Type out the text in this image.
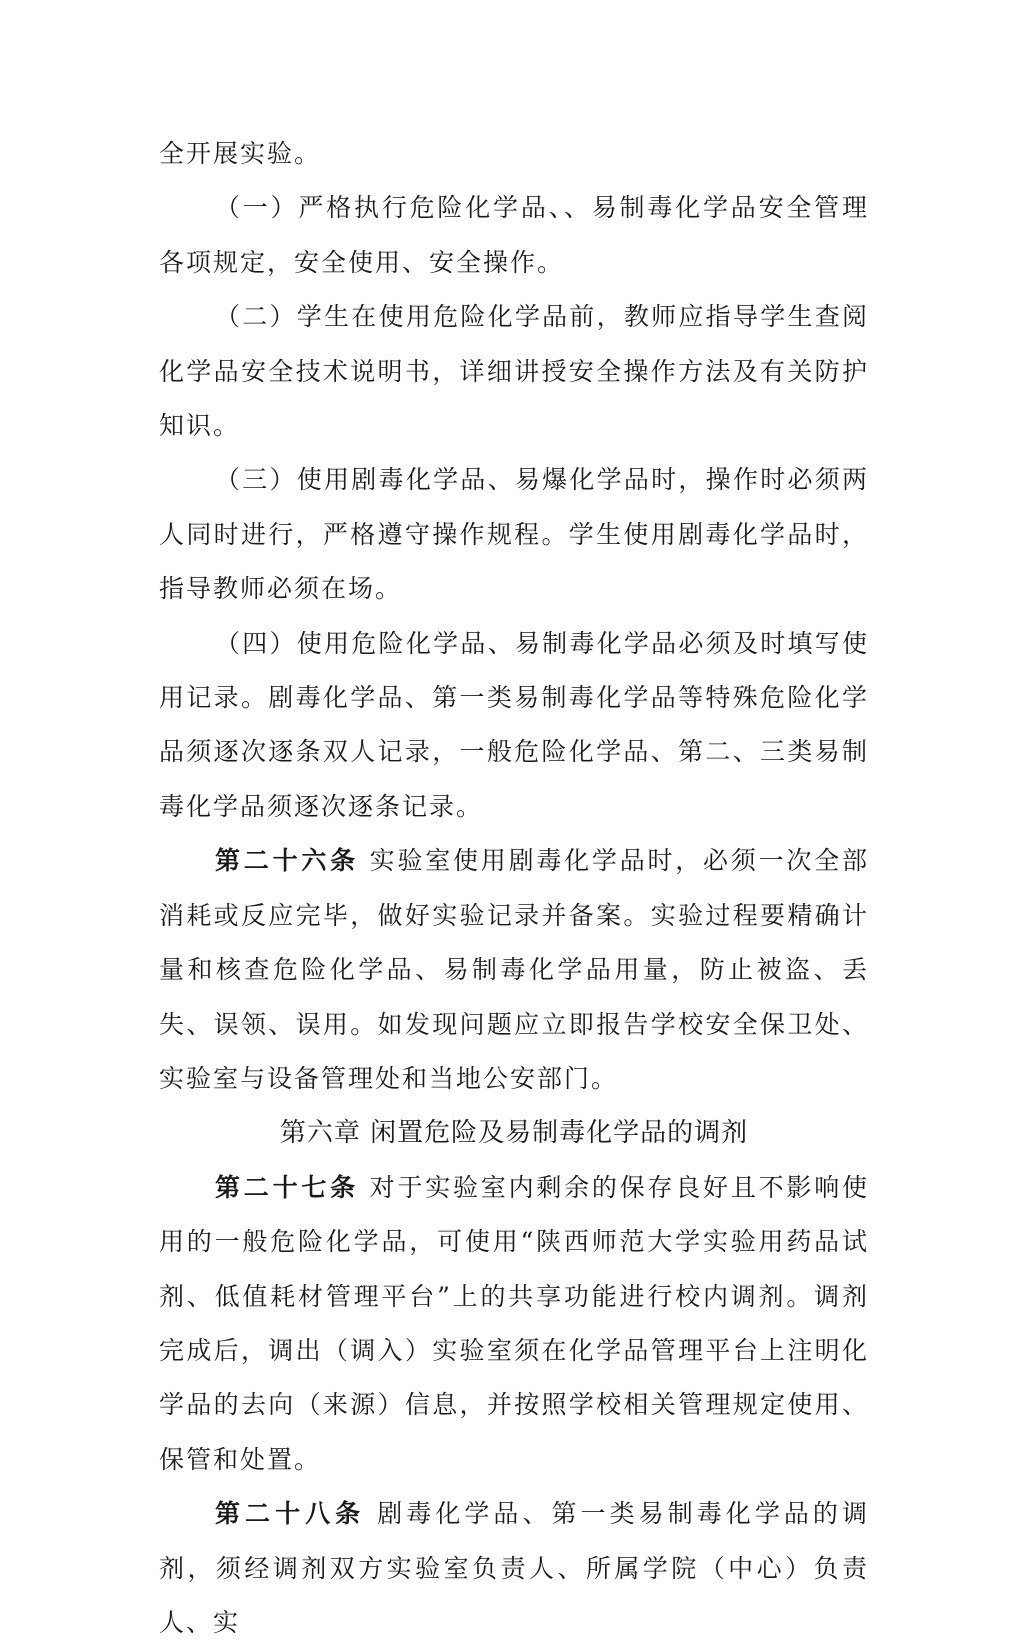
全开展实验。

（一）严格执行危险化学品、、易制毒化学品安全管理各项规定，安全使用、安全操作。

（二）学生在使用危险化学品前，教师应指导学生查阅化学品安全技术说明书，详细讲授安全操作方法及有关防护知识。

（三）使用剧毒化学品、易爆化学品时，操作时必须两人同时进行，严格遵守操作规程。学生使用剧毒化学品时，指导教师必须在场。

（四）使用危险化学品、易制毒化学品必须及时填写使用记录。剧毒化学品、第一类易制毒化学品等特殊危险化学品须逐次逐条双人记录，一般危险化学品、第二、三类易制毒化学品须逐次逐条记录。

第二十六条 实验室使用剧毒化学品时，必须一次全部消耗或反应完毕，做好实验记录并备案。实验过程要精确计量和核查危险化学品、易制毒化学品用量，防止被盗、丢失、误领、误用。如发现问题应立即报告学校安全保卫处、实验室与设备管理处和当地公安部门。

第六章 闲置危险及易制毒化学品的调剂

第二十七条 对于实验室内剩余的保存良好且不影响使用的一般危险化学品，可使用“陕西师范大学实验用药品试剂、低值耗材管理平台”上的共享功能进行校内调剂。调剂完成后，调出（调入）实验室须在化学品管理平台上注明化学品的去向（来源）信息，并按照学校相关管理规定使用、保管和处置。

第二十八条 剧毒化学品、第一类易制毒化学品的调剂，须经调剂双方实验室负责人、所属学院（中心）负责人、实
